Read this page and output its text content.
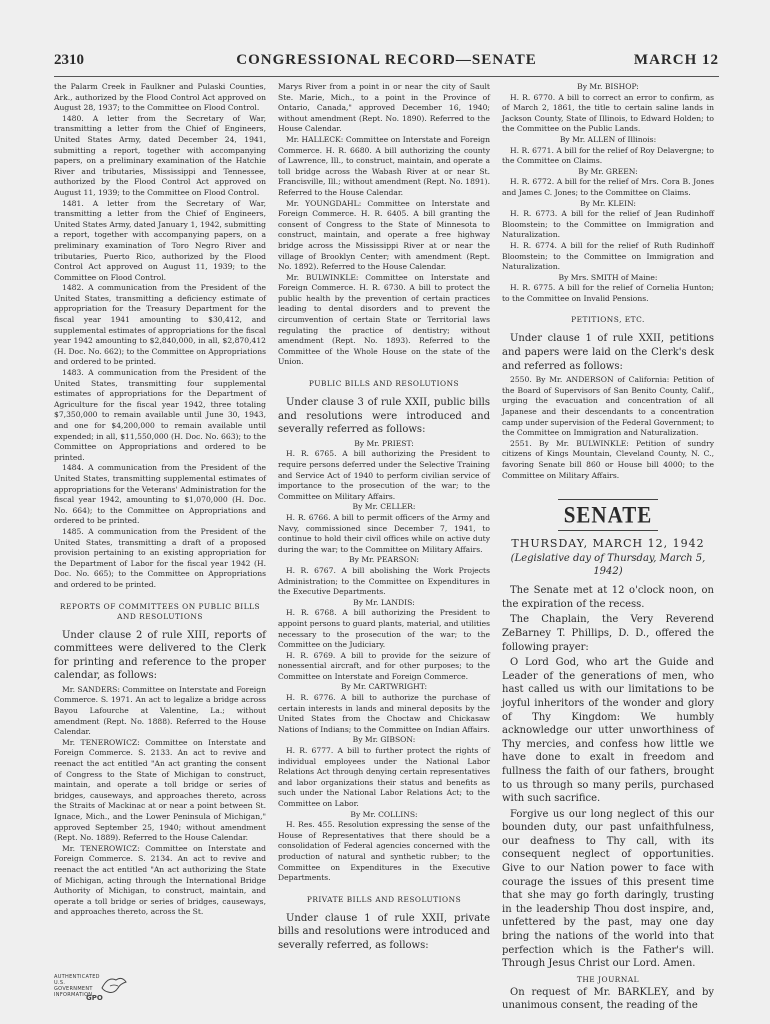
2310	CONGRESSIONAL RECORD—SENATE	MARCH 12

the Palarm Creek in Faulkner and Pulaski Counties, Ark., authorized by the Flood Control Act approved on August 28, 1937; to the Committee on Flood Control.

1480. A letter from the Secretary of War, transmitting a letter from the Chief of Engineers, United States Army, dated December 24, 1941, submitting a report, together with accompanying papers, on a preliminary examination of the Hatchie River and tributaries, Mississippi and Tennessee, authorized by the Flood Control Act approved on August 11, 1939; to the Committee on Flood Control.

1481. A letter from the Secretary of War, transmitting a letter from the Chief of Engineers, United States Army, dated January 1, 1942, submitting a report, together with accompanying papers, on a preliminary examination of Toro Negro River and tributaries, Puerto Rico, authorized by the Flood Control Act approved on August 11, 1939; to the Committee on Flood Control.

1482. A communication from the President of the United States, transmitting a deficiency estimate of appropriation for the Treasury Department for the fiscal year 1941 amounting to $30,412, and supplemental estimates of appropriations for the fiscal year 1942 amounting to $2,840,000, in all, $2,870,412 (H. Doc. No. 662); to the Committee on Appropriations and ordered to be printed.

1483. A communication from the President of the United States, transmitting four supplemental estimates of appropriations for the Department of Agriculture for the fiscal year 1942, three totaling $7,350,000 to remain available until June 30, 1943, and one for $4,200,000 to remain available until expended; in all, $11,550,000 (H. Doc. No. 663); to the Committee on Appropriations and ordered to be printed.

1484. A communication from the President of the United States, transmitting supplemental estimates of appropriations for the Veterans' Administration for the fiscal year 1942, amounting to $1,070,000 (H. Doc. No. 664); to the Committee on Appropriations and ordered to be printed.

1485. A communication from the President of the United States, transmitting a draft of a proposed provision pertaining to an existing appropriation for the Department of Labor for the fiscal year 1942 (H. Doc. No. 665); to the Committee on Appropriations and ordered to be printed.

REPORTS OF COMMITTEES ON PUBLIC BILLS AND RESOLUTIONS

Under clause 2 of rule XIII, reports of committees were delivered to the Clerk for printing and reference to the proper calendar, as follows:

Mr. SANDERS: Committee on Interstate and Foreign Commerce. S. 1971. An act to legalize a bridge across Bayou Lafourche at Valentine, La.; without amendment (Rept. No. 1888). Referred to the House Calendar.

Mr. TENEROWICZ: Committee on Interstate and Foreign Commerce. S. 2133. An act to revive and reenact the act entitled "An act granting the consent of Congress to the State of Michigan to construct, maintain, and operate a toll bridge or series of bridges, causeways, and approaches thereto, across the Straits of Mackinac at or near a point between St. Ignace, Mich., and the Lower Peninsula of Michigan," approved September 25, 1940; without amendment (Rept. No. 1889). Referred to the House Calendar.

Mr. TENEROWICZ: Committee on Interstate and Foreign Commerce. S. 2134. An act to revive and reenact the act entitled "An act authorizing the State of Michigan, acting through the International Bridge Authority of Michigan, to construct, maintain, and operate a toll bridge or series of bridges, causeways, and approaches thereto, across the St.

Marys River from a point in or near the city of Sault Ste. Marie, Mich., to a point in the Province of Ontario, Canada," approved December 16, 1940; without amendment (Rept. No. 1890). Referred to the House Calendar.

Mr. HALLECK: Committee on Interstate and Foreign Commerce. H. R. 6680. A bill authorizing the county of Lawrence, Ill., to construct, maintain, and operate a toll bridge across the Wabash River at or near St. Francisville, Ill.; without amendment (Rept. No. 1891). Referred to the House Calendar.

Mr. YOUNGDAHL: Committee on Interstate and Foreign Commerce. H. R. 6405. A bill granting the consent of Congress to the State of Minnesota to construct, maintain, and operate a free highway bridge across the Mississippi River at or near the village of Brooklyn Center; with amendment (Rept. No. 1892). Referred to the House Calendar.

Mr. BULWINKLE: Committee on Interstate and Foreign Commerce. H. R. 6730. A bill to protect the public health by the prevention of certain practices leading to dental disorders and to prevent the circumvention of certain State or Territorial laws regulating the practice of dentistry; without amendment (Rept. No. 1893). Referred to the Committee of the Whole House on the state of the Union.

PUBLIC BILLS AND RESOLUTIONS

Under clause 3 of rule XXII, public bills and resolutions were introduced and severally referred as follows:

By Mr. PRIEST:

H. R. 6765. A bill authorizing the President to require persons deferred under the Selective Training and Service Act of 1940 to perform civilian service of importance to the prosecution of the war; to the Committee on Military Affairs.

By Mr. CELLER:

H. R. 6766. A bill to permit officers of the Army and Navy, commissioned since December 7, 1941, to continue to hold their civil offices while on active duty during the war; to the Committee on Military Affairs.

By Mr. PEARSON:

H. R. 6767. A bill abolishing the Work Projects Administration; to the Committee on Expenditures in the Executive Departments.

By Mr. LANDIS:

H. R. 6768. A bill authorizing the President to appoint persons to guard plants, material, and utilities necessary to the prosecution of the war; to the Committee on the Judiciary.

H. R. 6769. A bill to provide for the seizure of nonessential aircraft, and for other purposes; to the Committee on Interstate and Foreign Commerce.

By Mr. CARTWRIGHT:

H. R. 6776. A bill to authorize the purchase of certain interests in lands and mineral deposits by the United States from the Choctaw and Chickasaw Nations of Indians; to the Committee on Indian Affairs.

By Mr. GIBSON:

H. R. 6777. A bill to further protect the rights of individual employees under the National Labor Relations Act through denying certain representatives and labor organizations their status and benefits as such under the National Labor Relations Act; to the Committee on Labor.

By Mr. COLLINS:

H. Res. 455. Resolution expressing the sense of the House of Representatives that there should be a consolidation of Federal agencies concerned with the production of natural and synthetic rubber; to the Committee on Expenditures in the Executive Departments.

PRIVATE BILLS AND RESOLUTIONS

Under clause 1 of rule XXII, private bills and resolutions were introduced and severally referred, as follows:

By Mr. BISHOP:

H. R. 6770. A bill to correct an error to confirm, as of March 2, 1861, the title to certain saline lands in Jackson County, State of Illinois, to Edward Holden; to the Committee on the Public Lands.

By Mr. ALLEN of Illinois:

H. R. 6771. A bill for the relief of Roy Delavergne; to the Committee on Claims.

By Mr. GREEN:

H. R. 6772. A bill for the relief of Mrs. Cora B. Jones and James C. Jones; to the Committee on Claims.

By Mr. KLEIN:

H. R. 6773. A bill for the relief of Jean Rudinhoff Bloomstein; to the Committee on Immigration and Naturalization.

H. R. 6774. A bill for the relief of Ruth Rudinhoff Bloomstein; to the Committee on Immigration and Naturalization.

By Mrs. SMITH of Maine:

H. R. 6775. A bill for the relief of Cornelia Hunton; to the Committee on Invalid Pensions.

PETITIONS, ETC.

Under clause 1 of rule XXII, petitions and papers were laid on the Clerk's desk and referred as follows:

2550. By Mr. ANDERSON of California: Petition of the Board of Supervisors of San Benito County, Calif., urging the evacuation and concentration of all Japanese and their descendants to a concentration camp under supervision of the Federal Government; to the Committee on Immigration and Naturalization.

2551. By Mr. BULWINKLE: Petition of sundry citizens of Kings Mountain, Cleveland County, N. C., favoring Senate bill 860 or House bill 4000; to the Committee on Military Affairs.

SENATE
THURSDAY, MARCH 12, 1942
(Legislative day of Thursday, March 5, 1942)

The Senate met at 12 o'clock noon, on the expiration of the recess.

The Chaplain, the Very Reverend ZeBarney T. Phillips, D. D., offered the following prayer:

O Lord God, who art the Guide and Leader of the generations of men, who hast called us with our limitations to be joyful inheritors of the wonder and glory of Thy Kingdom: We humbly acknowledge our utter unworthiness of Thy mercies, and confess how little we have done to exalt in freedom and fullness the faith of our fathers, brought to us through so many perils, purchased with such sacrifice.

Forgive us our long neglect of this our bounden duty, our past unfaithfulness, our deafness to Thy call, with its consequent neglect of opportunities. Give to our Nation power to face with courage the issues of this present time that she may go forth daringly, trusting in the leadership Thou dost inspire, and, unfettered by the past, may one day bring the nations of the world into that perfection which is the Father's will. Through Jesus Christ our Lord. Amen.

THE JOURNAL

On request of Mr. BARKLEY, and by unanimous consent, the reading of the

AUTHENTICATED U.S. GOVERNMENT INFORMATION
GPO
